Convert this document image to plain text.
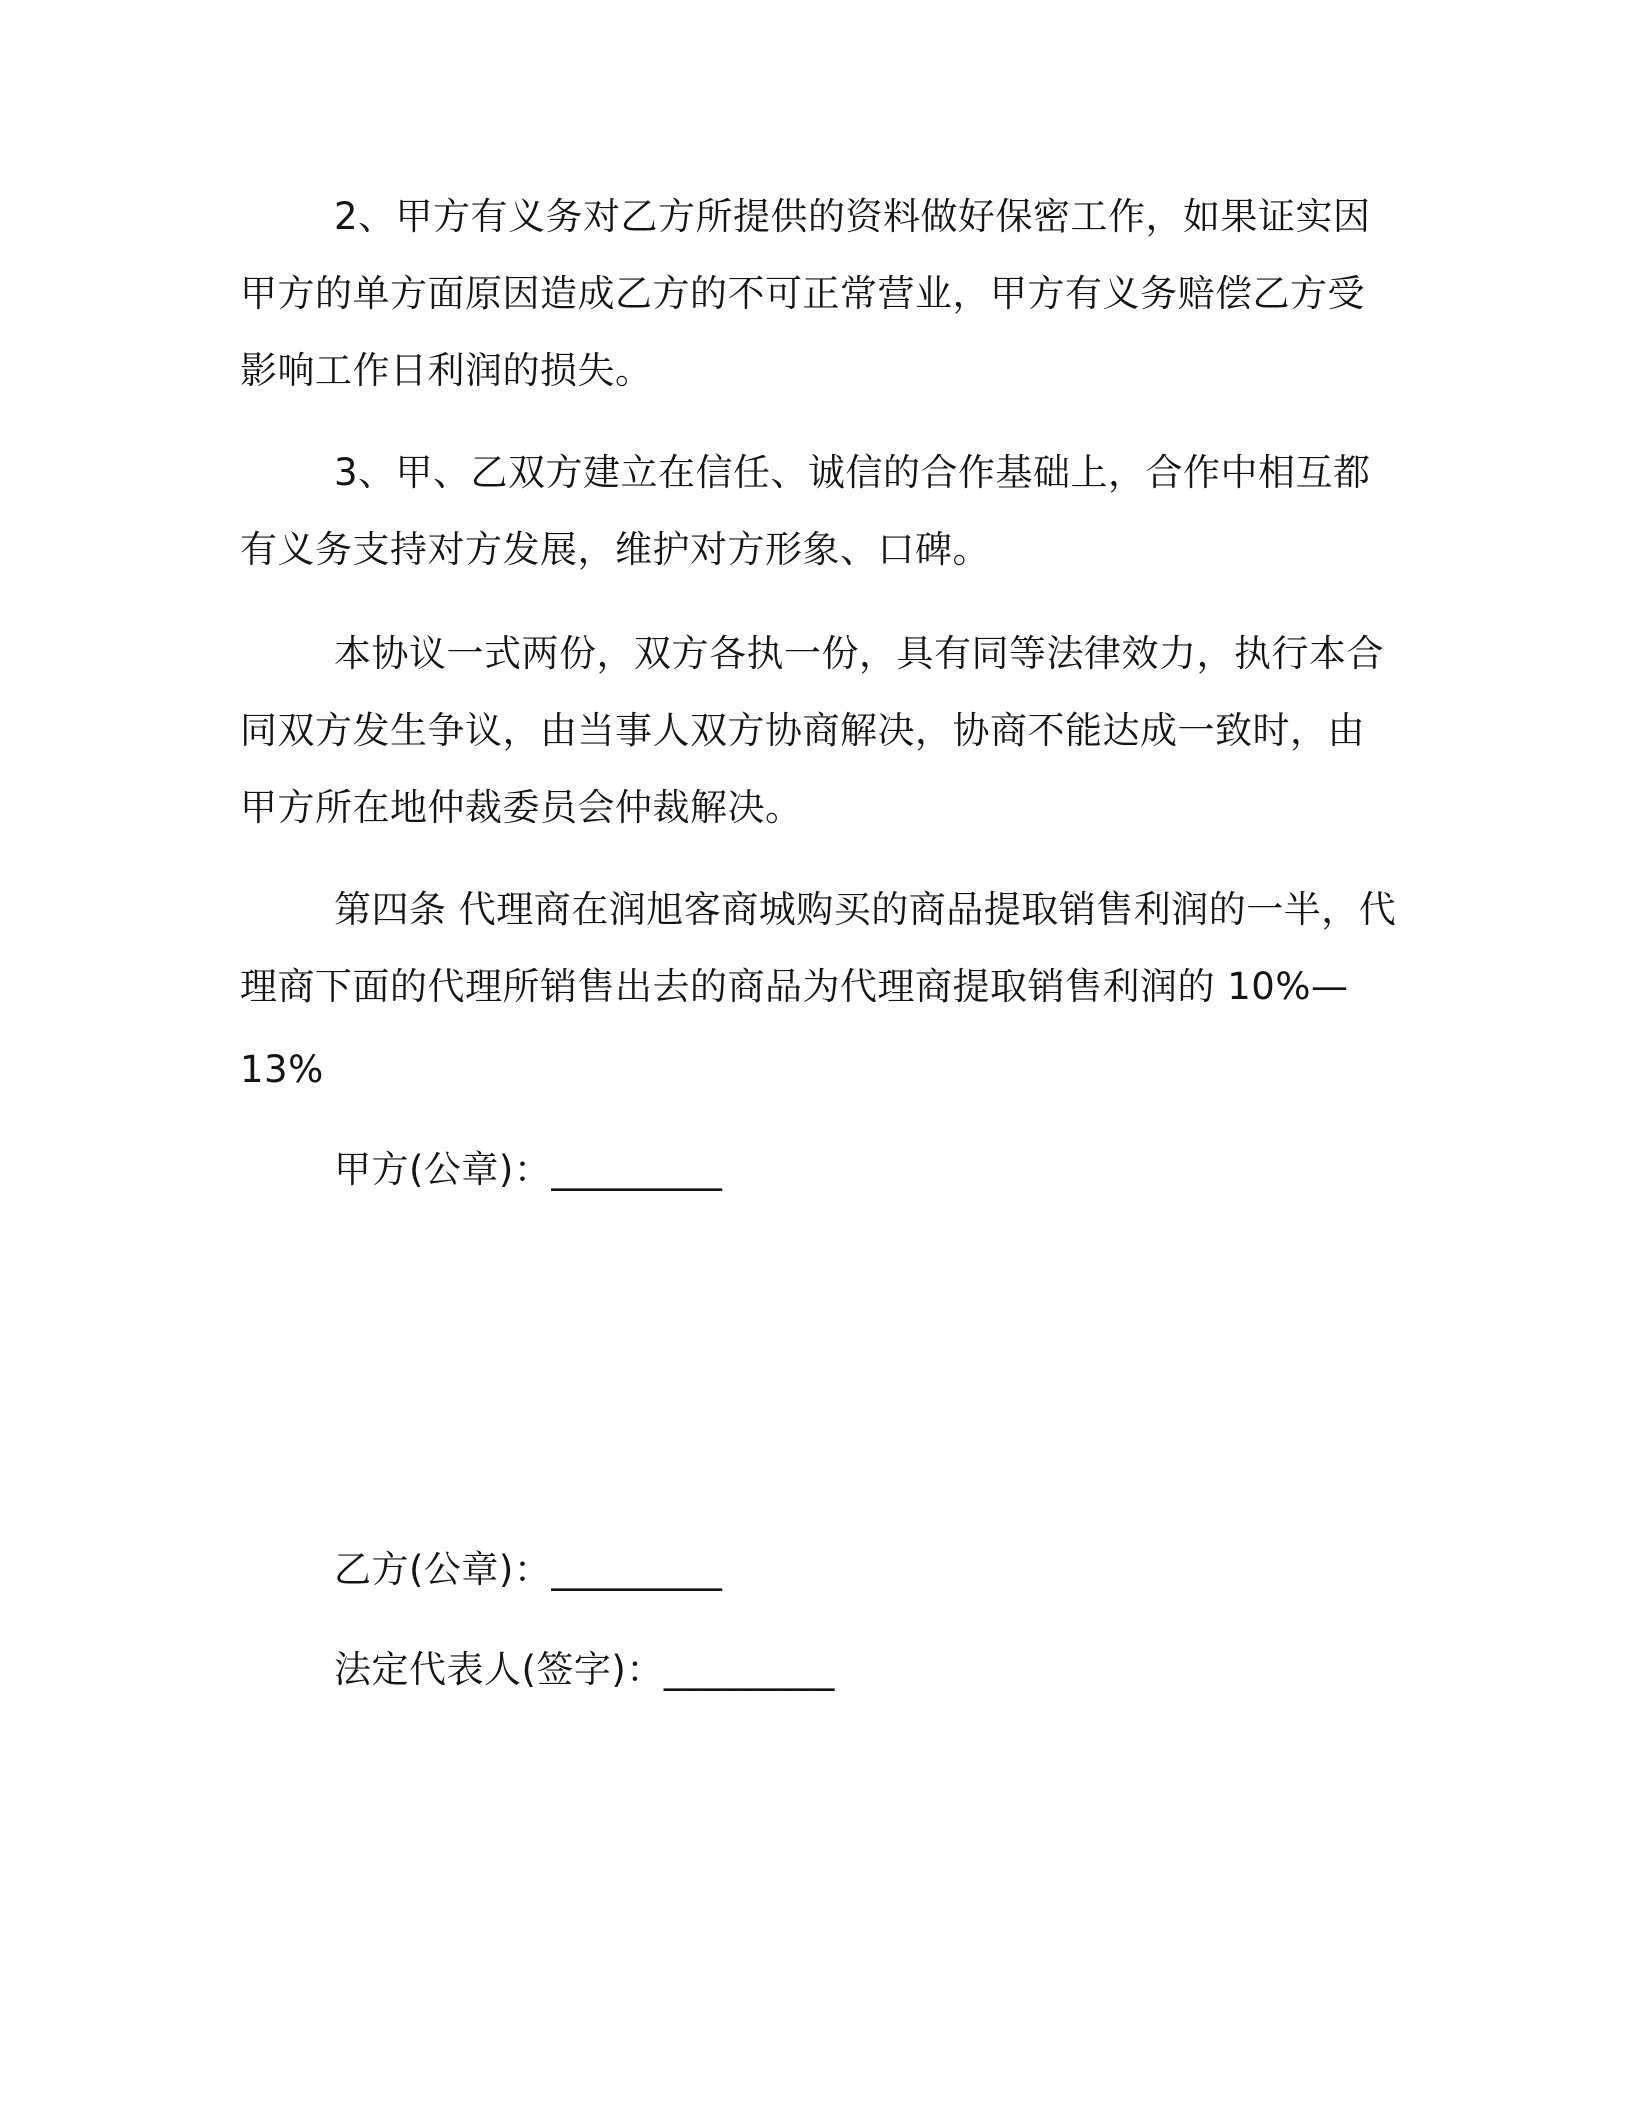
2、甲方有义务对乙方所提供的资料做好保密工作，如果证实因
甲方的单方面原因造成乙方的不可正常营业，甲方有义务赔偿乙方受
影响工作日利润的损失。
3、甲、乙双方建立在信任、诚信的合作基础上，合作中相互都
有义务支持对方发展，维护对方形象、口碑。
本协议一式两份，双方各执一份，具有同等法律效力，执行本合
同双方发生争议，由当事人双方协商解决，协商不能达成一致时，由
甲方所在地仲裁委员会仲裁解决。
第四条 代理商在润旭客商城购买的商品提取销售利润的一半，代
理商下面的代理所销售出去的商品为代理商提取销售利润的 10%—
13%
甲方(公章)：_________
乙方(公章)：_________
法定代表人(签字)：_________
